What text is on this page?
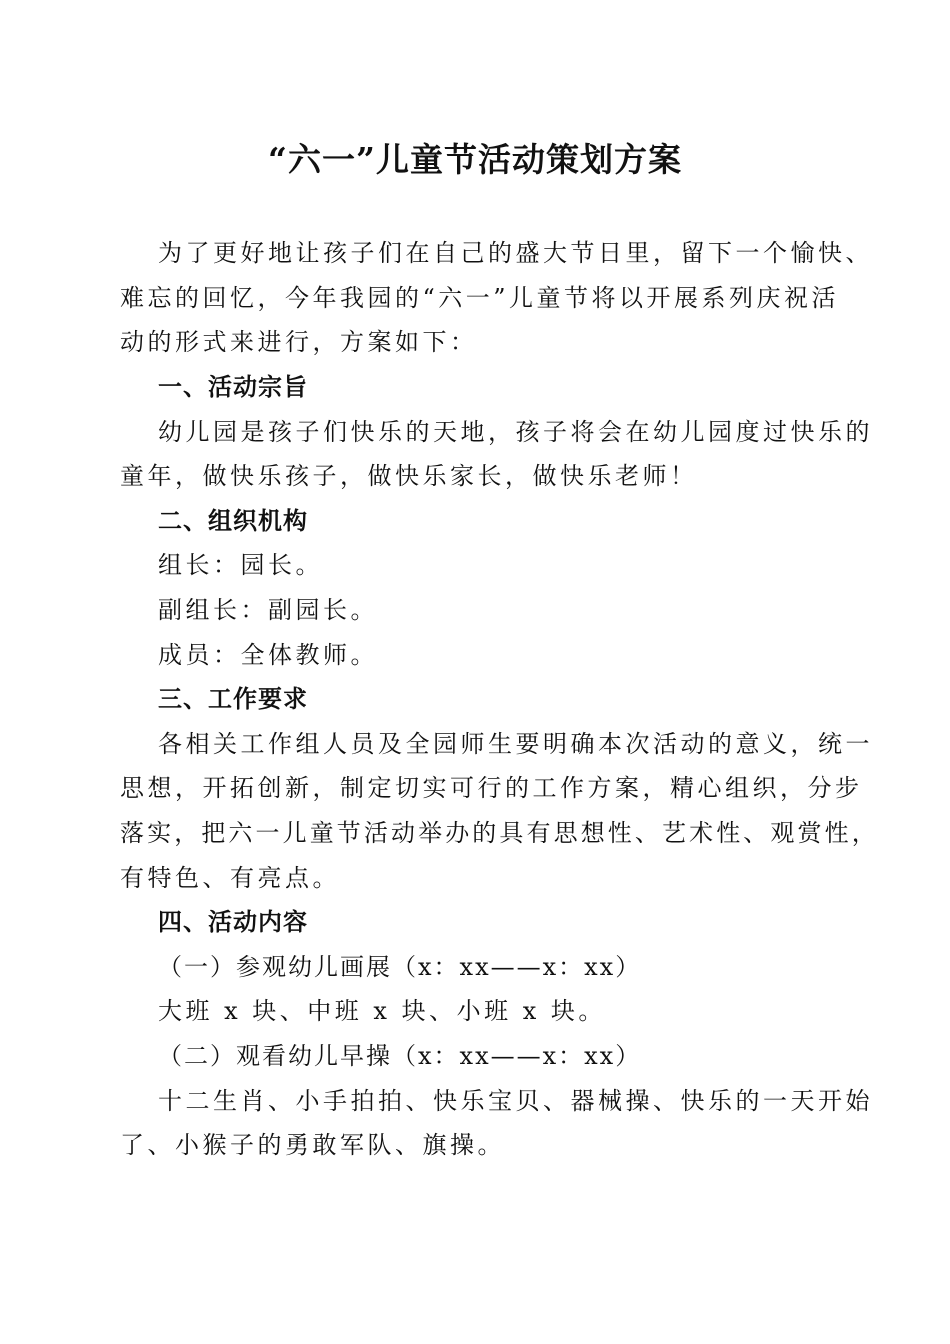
“六一”儿童节活动策划方案
为了更好地让孩子们在自己的盛大节日里，留下一个愉快、
难忘的回忆，今年我园的“六一”儿童节将以开展系列庆祝活
动的形式来进行，方案如下：
一、活动宗旨
幼儿园是孩子们快乐的天地，孩子将会在幼儿园度过快乐的
童年，做快乐孩子，做快乐家长，做快乐老师！
二、组织机构
组长：园长。
副组长：副园长。
成员：全体教师。
三、工作要求
各相关工作组人员及全园师生要明确本次活动的意义，统一
思想，开拓创新，制定切实可行的工作方案，精心组织，分步
落实，把六一儿童节活动举办的具有思想性、艺术性、观赏性，
有特色、有亮点。
四、活动内容
（一）参观幼儿画展（x：xx——x：xx）
大班 x 块、中班 x 块、小班 x 块。
（二）观看幼儿早操（x：xx——x：xx）
十二生肖、小手拍拍、快乐宝贝、器械操、快乐的一天开始
了、小猴子的勇敢军队、旗操。
